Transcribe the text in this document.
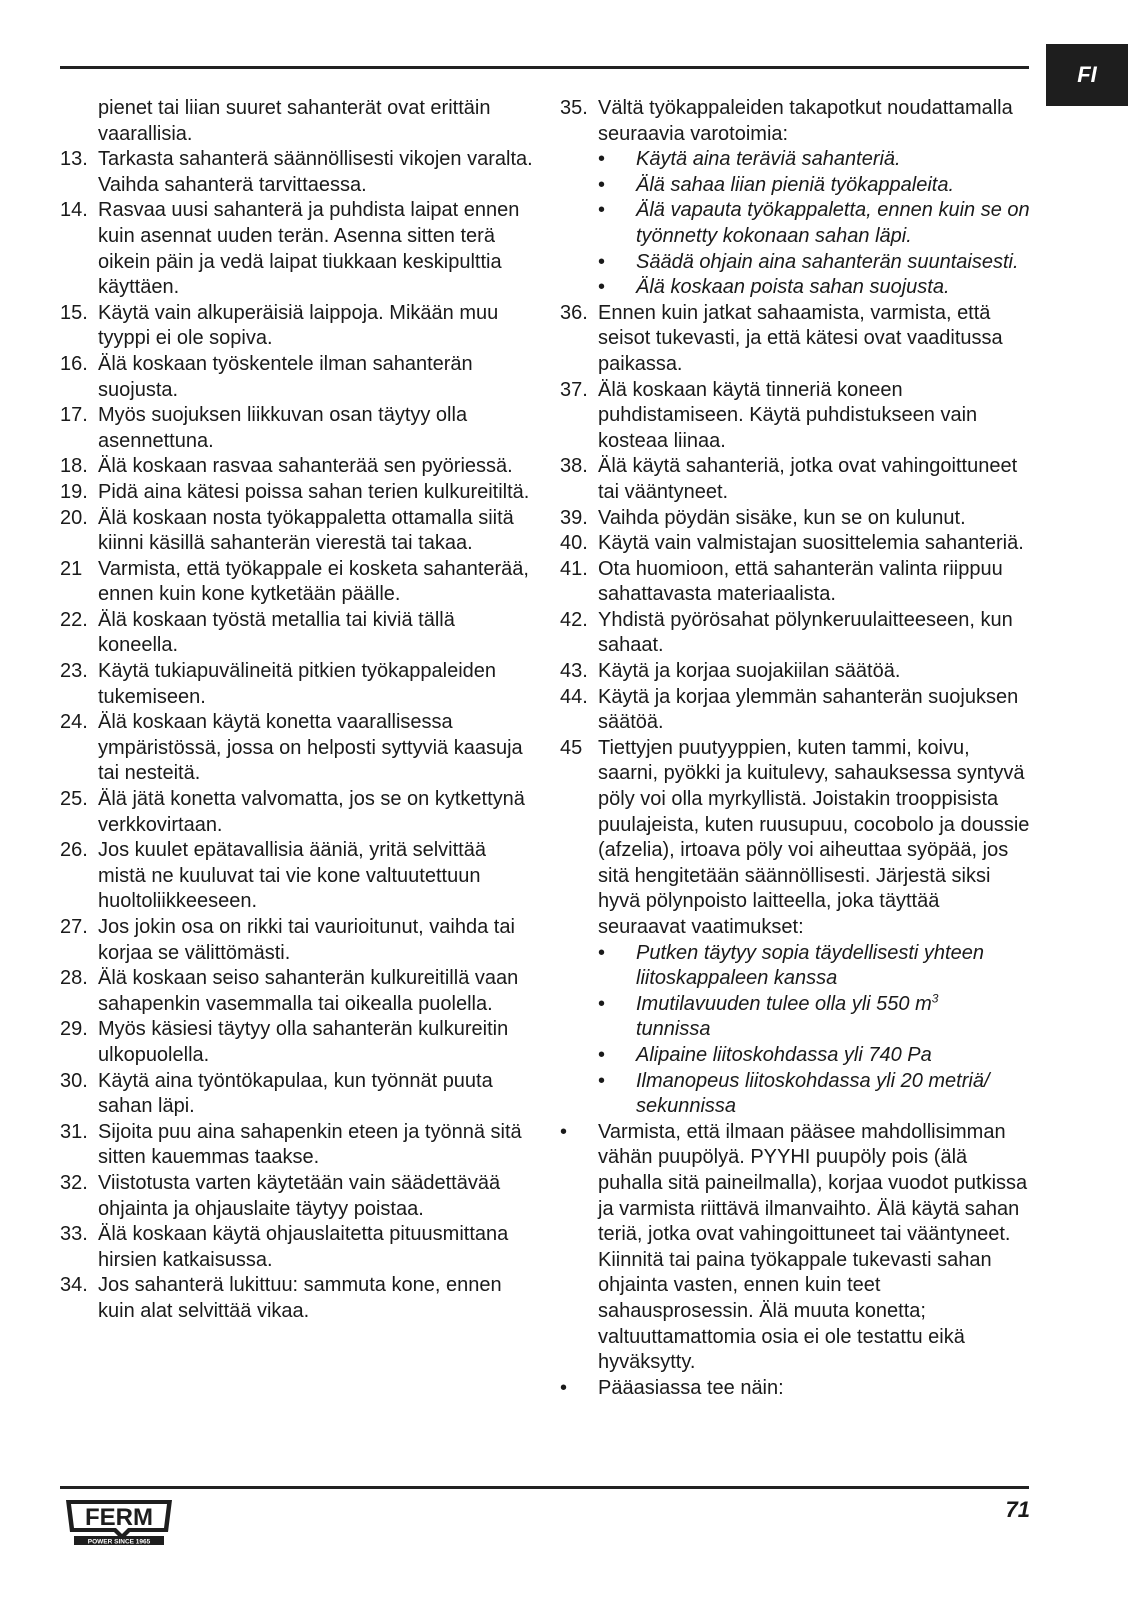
FI
pienet tai liian suuret sahanterät ovat erittäin vaarallisia.
13. Tarkasta sahanterä säännöllisesti vikojen varalta. Vaihda sahanterä tarvittaessa.
14. Rasvaa uusi sahanterä ja puhdista laipat ennen kuin asennat uuden terän. Asenna sitten terä oikein päin ja vedä laipat tiukkaan keskipulttia käyttäen.
15. Käytä vain alkuperäisiä laippoja. Mikään muu tyyppi ei ole sopiva.
16. Älä koskaan työskentele ilman sahanterän suojusta.
17. Myös suojuksen liikkuvan osan täytyy olla asennettuna.
18. Älä koskaan rasvaa sahanterää sen pyöriessä.
19. Pidä aina kätesi poissa sahan terien kulkureitiltä.
20. Älä koskaan nosta työkappaletta ottamalla siitä kiinni käsillä sahanterän vierestä tai takaa.
21 Varmista, että työkappale ei kosketa sahanterää, ennen kuin kone kytketään päälle.
22. Älä koskaan työstä metallia tai kiviä tällä koneella.
23. Käytä tukiapuvälineitä pitkien työkappaleiden tukemiseen.
24. Älä koskaan käytä konetta vaarallisessa ympäristössä, jossa on helposti syttyviä kaasuja tai nesteitä.
25. Älä jätä konetta valvomatta, jos se on kytkettynä verkkovirtaan.
26. Jos kuulet epätavallisia ääniä, yritä selvittää mistä ne kuuluvat tai vie kone valtuutettuun huoltoliikkeeseen.
27. Jos jokin osa on rikki tai vaurioitunut, vaihda tai korjaa se välittömästi.
28. Älä koskaan seiso sahanterän kulkureitillä vaan sahapenkin vasemmalla tai oikealla puolella.
29. Myös käsiesi täytyy olla sahanterän kulkureitin ulkopuolella.
30. Käytä aina työntökapulaa, kun työnnät puuta sahan läpi.
31. Sijoita puu aina sahapenkin eteen ja työnnä sitä sitten kauemmas taakse.
32. Viistotusta varten käytetään vain säädettävää ohjainta ja ohjauslaite täytyy poistaa.
33. Älä koskaan käytä ohjauslaitetta pituusmittana hirsien katkaisussa.
34. Jos sahanterä lukittuu: sammuta kone, ennen kuin alat selvittää vikaa.
35. Vältä työkappaleiden takapotkut noudattamalla seuraavia varotoimia:
•	Käytä aina teräviä sahanteriä.
•	Älä sahaa liian pieniä työkappaleita.
•	Älä vapauta työkappaletta, ennen kuin se on työnnetty kokonaan sahan läpi.
•	Säädä ohjain aina sahanterän suuntaisesti.
•	Älä koskaan poista sahan suojusta.
36. Ennen kuin jatkat sahaamista, varmista, että seisot tukevasti, ja että kätesi ovat vaaditussa paikassa.
37. Älä koskaan käytä tinneriä koneen puhdistamiseen. Käytä puhdistukseen vain kosteaa liinaa.
38. Älä käytä sahanteriä, jotka ovat vahingoittuneet tai vääntyneet.
39. Vaihda pöydän sisäke, kun se on kulunut.
40. Käytä vain valmistajan suosittelemia sahanteriä.
41. Ota huomioon, että sahanterän valinta riippuu sahattavasta materiaalista.
42. Yhdistä pyörösahat pölynkeruulaitteeseen, kun sahaat.
43. Käytä ja korjaa suojakiilan säätöä.
44. Käytä ja korjaa ylemmän sahanterän suojuksen säätöä.
45 Tiettyjen puutyyppien, kuten tammi, koivu, saarni, pyökki ja kuitulevy, sahauksessa syntyvä pöly voi olla myrkyllistä. Joistakin trooppisista puulajeista, kuten ruusupuu, cocobolo ja doussie (afzelia), irtoava pöly voi aiheuttaa syöpää, jos sitä hengitetään säännöllisesti. Järjestä siksi hyvä pölynpoisto laitteella, joka täyttää seuraavat vaatimukset:
•	Putken täytyy sopia täydellisesti yhteen liitoskappaleen kanssa
•	Imutilavuuden tulee olla yli 550 $m^3$
tunnissa
•	Alipaine liitoskohdassa yli 740 Pa
•	Ilmanopeus liitoskohdassa yli 20 metriä/ sekunnissa
•	Varmista, että ilmaan pääsee mahdollisimman vähän puupölyä. PYYHI puupöly pois (älä puhalla sitä paineilmalla), korjaa vuodot putkissa ja varmista riittävä ilmanvaihto. Älä käytä sahan teriä, jotka ovat vahingoittuneet tai vääntyneet. Kiinnitä tai paina työkappale tukevasti sahan ohjainta vasten, ennen kuin teet sahausprosessin. Älä muuta konetta; valtuuttamattomia osia ei ole testattu eikä hyväksytty.
•	Pääasiassa tee näin:
FERM
POWER SINCE 1965
71
